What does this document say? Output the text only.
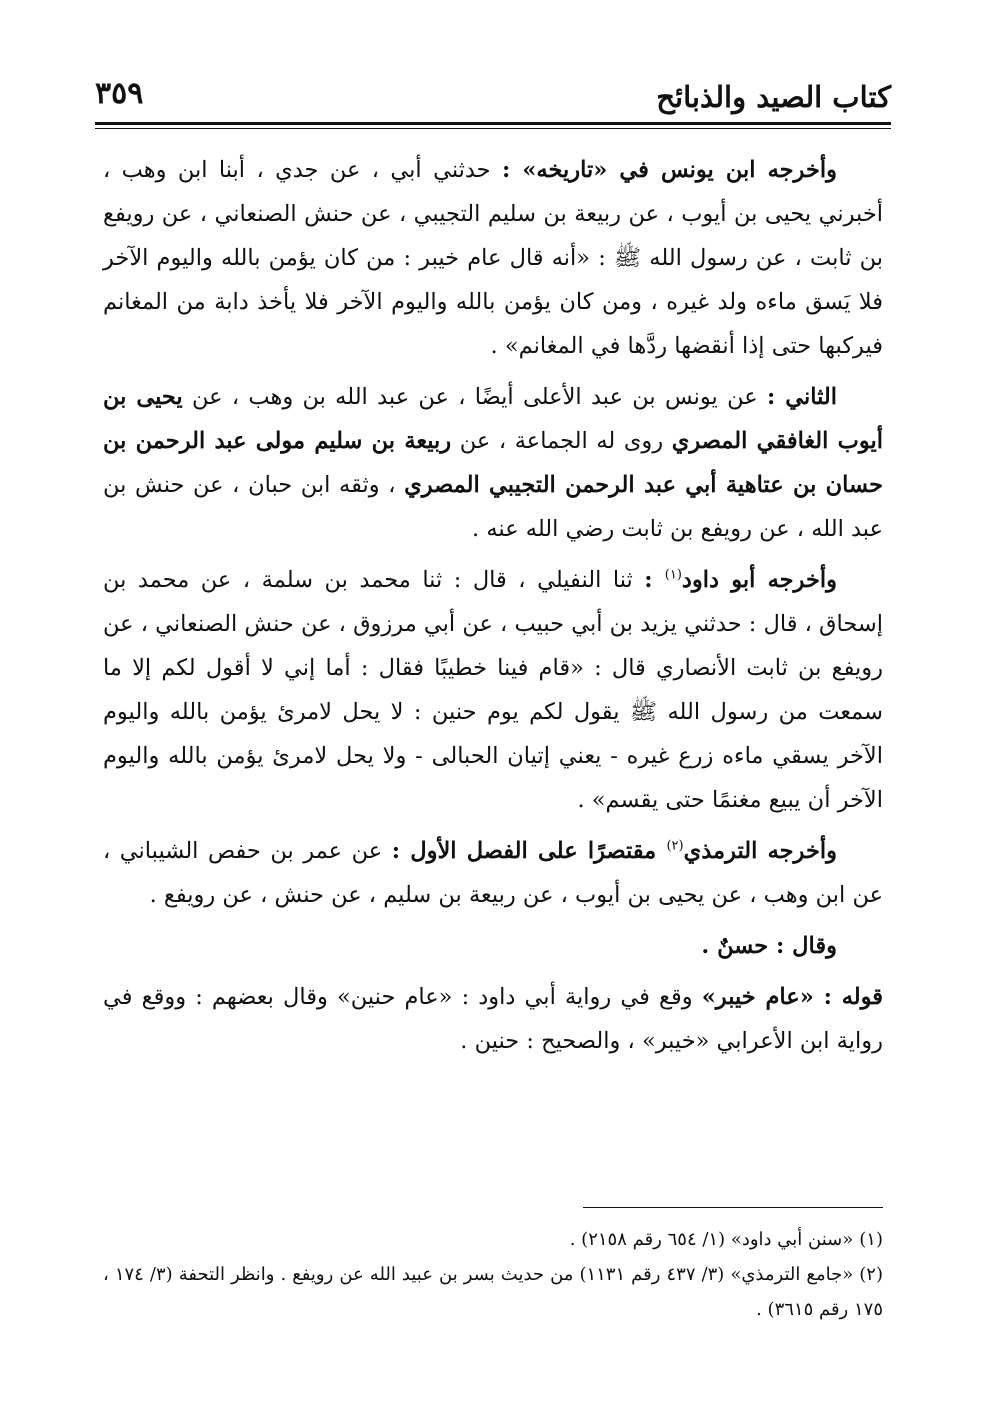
كتاب الصيد والذبائح
٣٥٩

وأخرجه ابن يونس في «تاريخه» : حدثني أبي ، عن جدي ، أبنا ابن وهب ، أخبرني يحيى بن أيوب ، عن ربيعة بن سليم التجيبي ، عن حنش الصنعاني ، عن رويفع بن ثابت ، عن رسول الله ﷺ : «أنه قال عام خيبر : من كان يؤمن بالله واليوم الآخر فلا يَسق ماءه ولد غيره ، ومن كان يؤمن بالله واليوم الآخر فلا يأخذ دابة من المغانم فيركبها حتى إذا أنقضها ردَّها في المغانم» .

الثاني : عن يونس بن عبد الأعلى أيضًا ، عن عبد الله بن وهب ، عن يحيى بن أيوب الغافقي المصري روى له الجماعة ، عن ربيعة بن سليم مولى عبد الرحمن بن حسان بن عتاهية أبي عبد الرحمن التجيبي المصري ، وثقه ابن حبان ، عن حنش بن عبد الله ، عن رويفع بن ثابت رضي الله عنه .

وأخرجه أبو داود$^{(١)}$ : ثنا النفيلي ، قال : ثنا محمد بن سلمة ، عن محمد بن إسحاق ، قال : حدثني يزيد بن أبي حبيب ، عن أبي مرزوق ، عن حنش الصنعاني ، عن رويفع بن ثابت الأنصاري قال : «قام فينا خطيبًا فقال : أما إني لا أقول لكم إلا ما سمعت من رسول الله ﷺ يقول لكم يوم حنين : لا يحل لامرئ يؤمن بالله واليوم الآخر يسقي ماءه زرع غيره - يعني إتيان الحبالى - ولا يحل لامرئ يؤمن بالله واليوم الآخر أن يبيع مغنمًا حتى يقسم» .

وأخرجه الترمذي$^{(٢)}$ مقتصرًا على الفصل الأول : عن عمر بن حفص الشيباني ، عن ابن وهب ، عن يحيى بن أيوب ، عن ربيعة بن سليم ، عن حنش ، عن رويفع .

وقال : حسنٌ .

قوله : «عام خيبر» وقع في رواية أبي داود : «عام حنين» وقال بعضهم : ووقع في رواية ابن الأعرابي «خيبر» ، والصحيح : حنين .

(١)«سنن أبي داود» (١/ ٦٥٤ رقم ٢١٥٨) .

(٢)«جامع الترمذي» (٣/ ٤٣٧ رقم ١١٣١) من حديث بسر بن عبيد الله عن رويفع . وانظر التحفة (٣/ ١٧٤ ، ١٧٥ رقم ٣٦١٥) .
